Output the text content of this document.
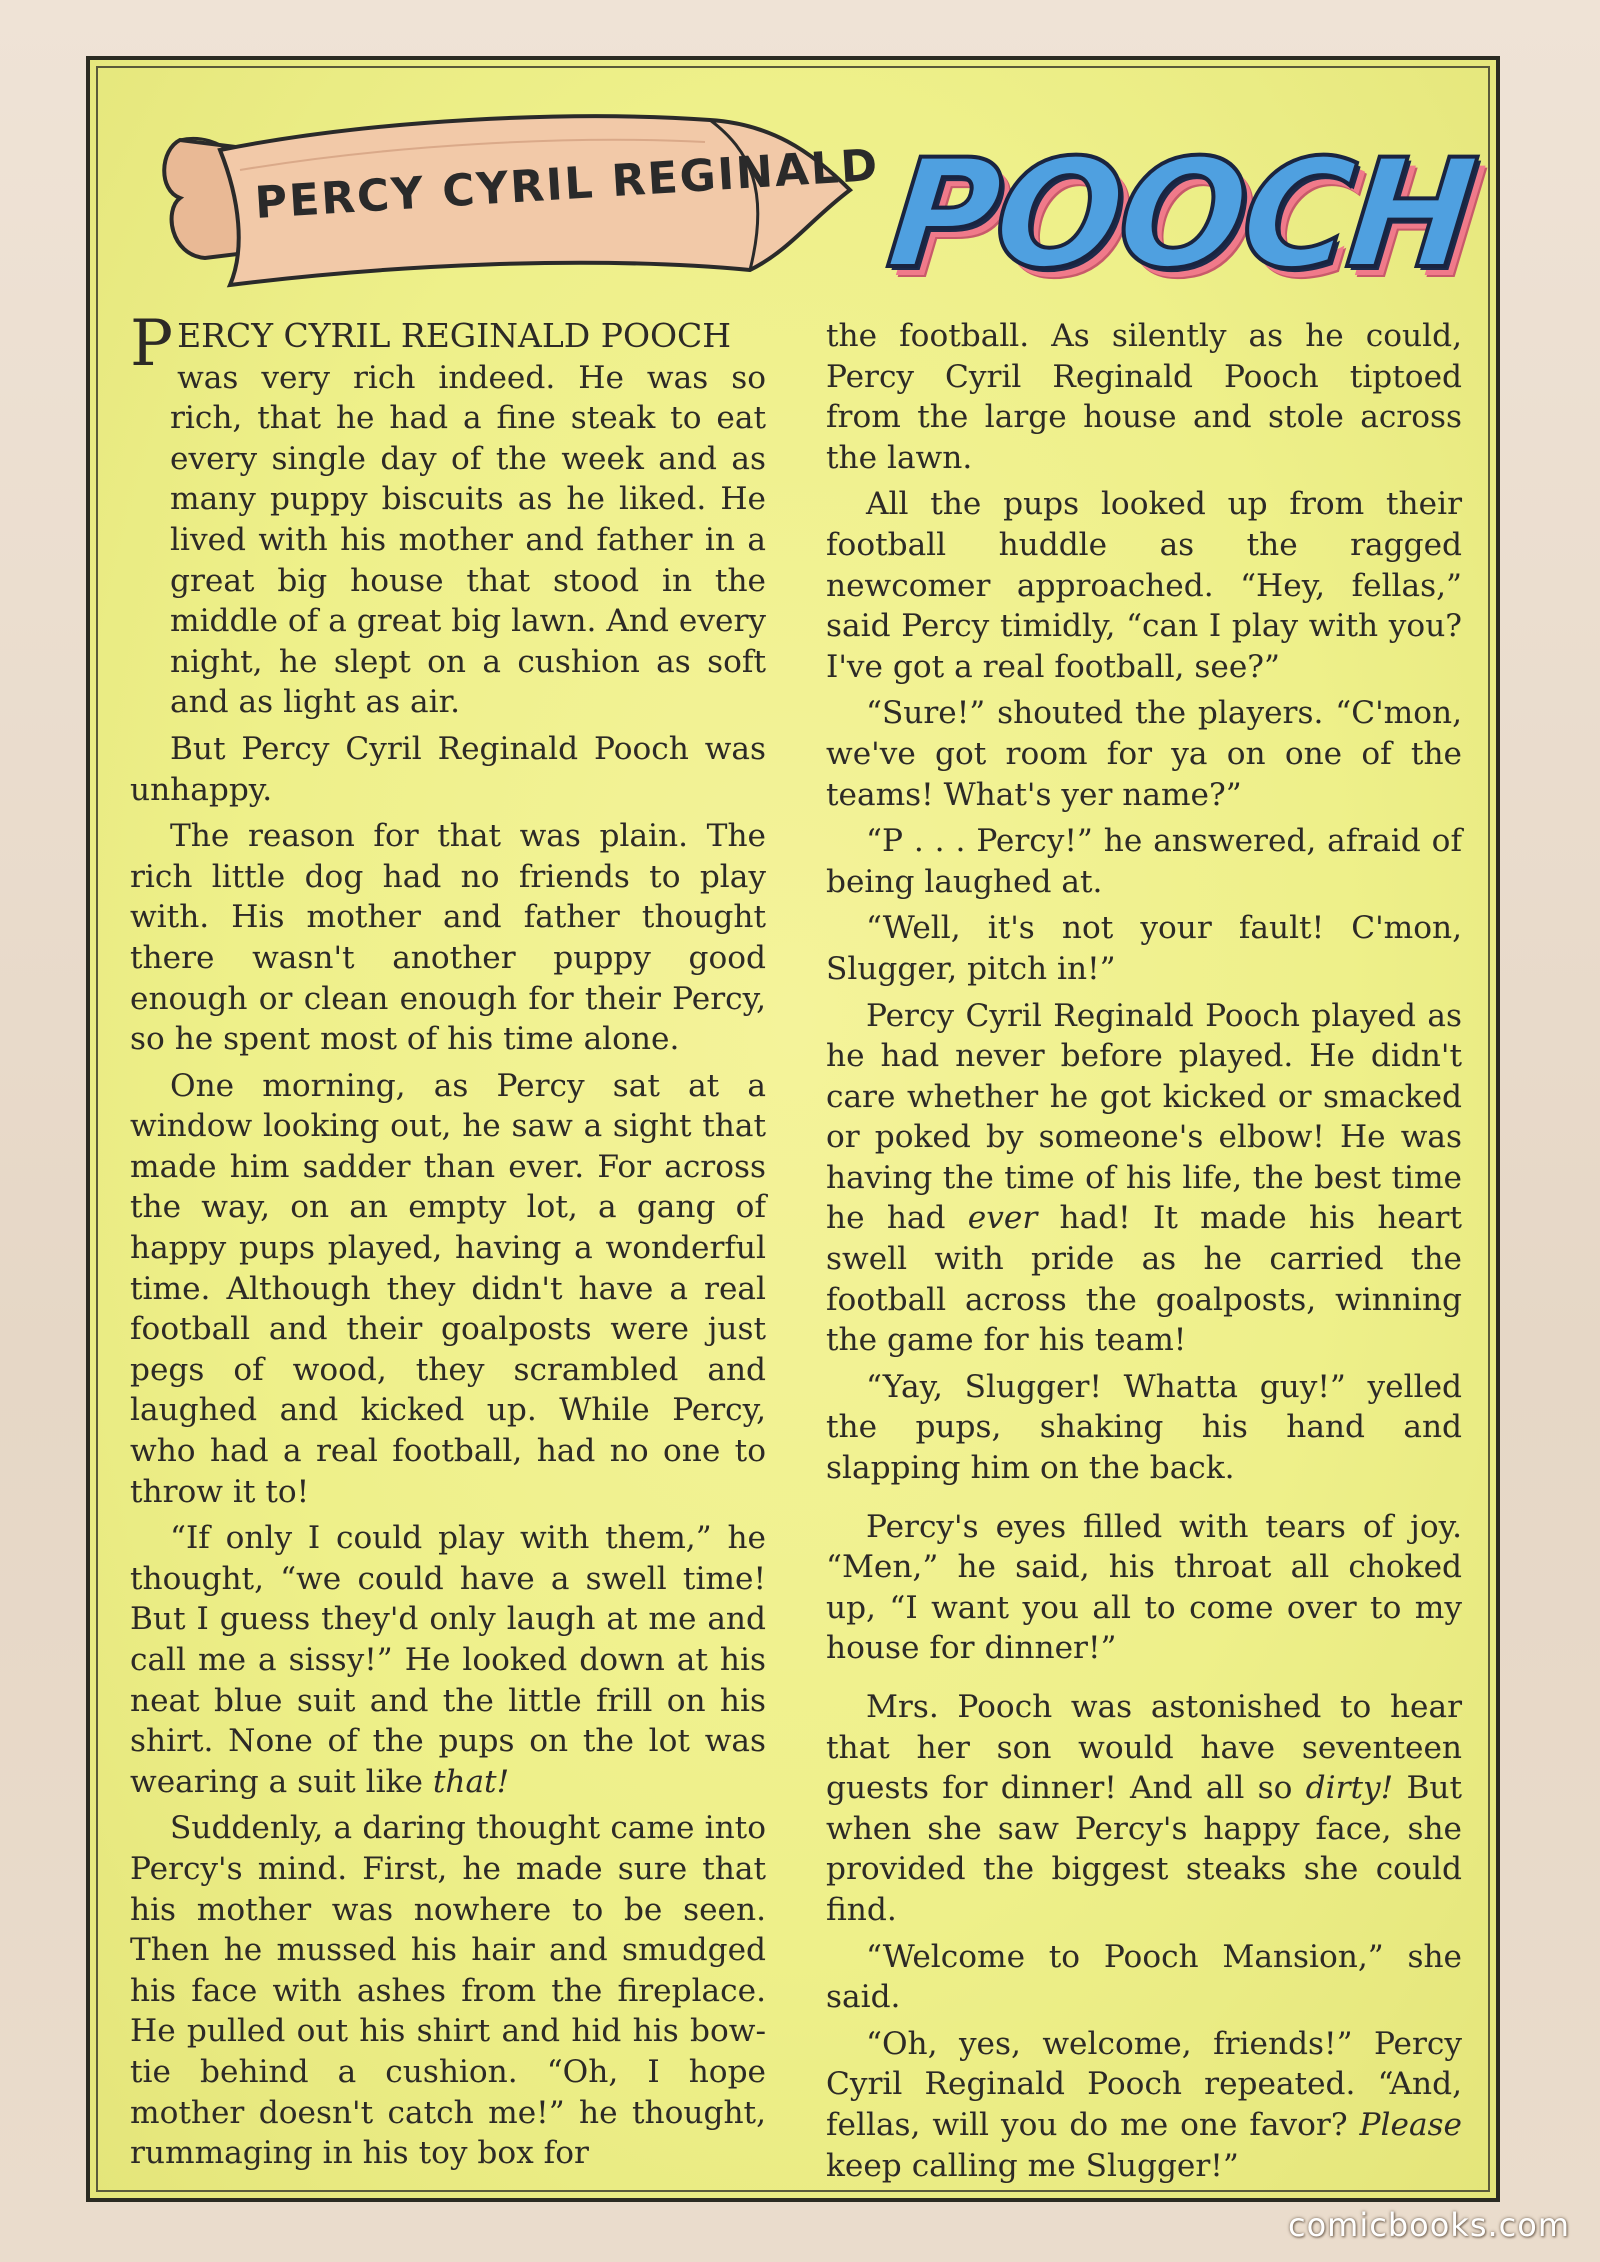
PERCY CYRIL REGINALD POOCH

PERCY CYRIL REGINALD POOCH
was very rich indeed. He was so rich, that he had a fine steak to eat every single day of the week and as many puppy biscuits as he liked. He lived with his mother and father in a great big house that stood in the middle of a great big lawn. And every night, he slept on a cushion as soft and as light as air.

But Percy Cyril Reginald Pooch was unhappy.

The reason for that was plain. The rich little dog had no friends to play with. His mother and father thought there wasn't another puppy good enough or clean enough for their Percy, so he spent most of his time alone.

One morning, as Percy sat at a window looking out, he saw a sight that made him sadder than ever. For across the way, on an empty lot, a gang of happy pups played, having a wonderful time. Although they didn't have a real football and their goalposts were just pegs of wood, they scrambled and laughed and kicked up. While Percy, who had a real football, had no one to throw it to!

“If only I could play with them,” he thought, “we could have a swell time! But I guess they'd only laugh at me and call me a sissy!” He looked down at his neat blue suit and the little frill on his shirt. None of the pups on the lot was wearing a suit like that!

Suddenly, a daring thought came into Percy's mind. First, he made sure that his mother was nowhere to be seen. Then he mussed his hair and smudged his face with ashes from the fireplace. He pulled out his shirt and hid his bow-tie behind a cushion. “Oh, I hope mother doesn't catch me!” he thought, rummaging in his toy box for

the football. As silently as he could, Percy Cyril Reginald Pooch tiptoed from the large house and stole across the lawn.

All the pups looked up from their football huddle as the ragged newcomer approached. “Hey, fellas,” said Percy timidly, “can I play with you? I've got a real football, see?”

“Sure!” shouted the players. “C'mon, we've got room for ya on one of the teams! What's yer name?”

“P . . . Percy!” he answered, afraid of being laughed at.

“Well, it's not your fault! C'mon, Slugger, pitch in!”

Percy Cyril Reginald Pooch played as he had never before played. He didn't care whether he got kicked or smacked or poked by someone's elbow! He was having the time of his life, the best time he had ever had! It made his heart swell with pride as he carried the football across the goalposts, winning the game for his team!

“Yay, Slugger! Whatta guy!” yelled the pups, shaking his hand and slapping him on the back.

Percy's eyes filled with tears of joy. “Men,” he said, his throat all choked up, “I want you all to come over to my house for dinner!”

Mrs. Pooch was astonished to hear that her son would have seventeen guests for dinner! And all so dirty! But when she saw Percy's happy face, she provided the biggest steaks she could find.

“Welcome to Pooch Mansion,” she said.

“Oh, yes, welcome, friends!” Percy Cyril Reginald Pooch repeated. “And, fellas, will you do me one favor? Please keep calling me Slugger!”

comicbooks.com
